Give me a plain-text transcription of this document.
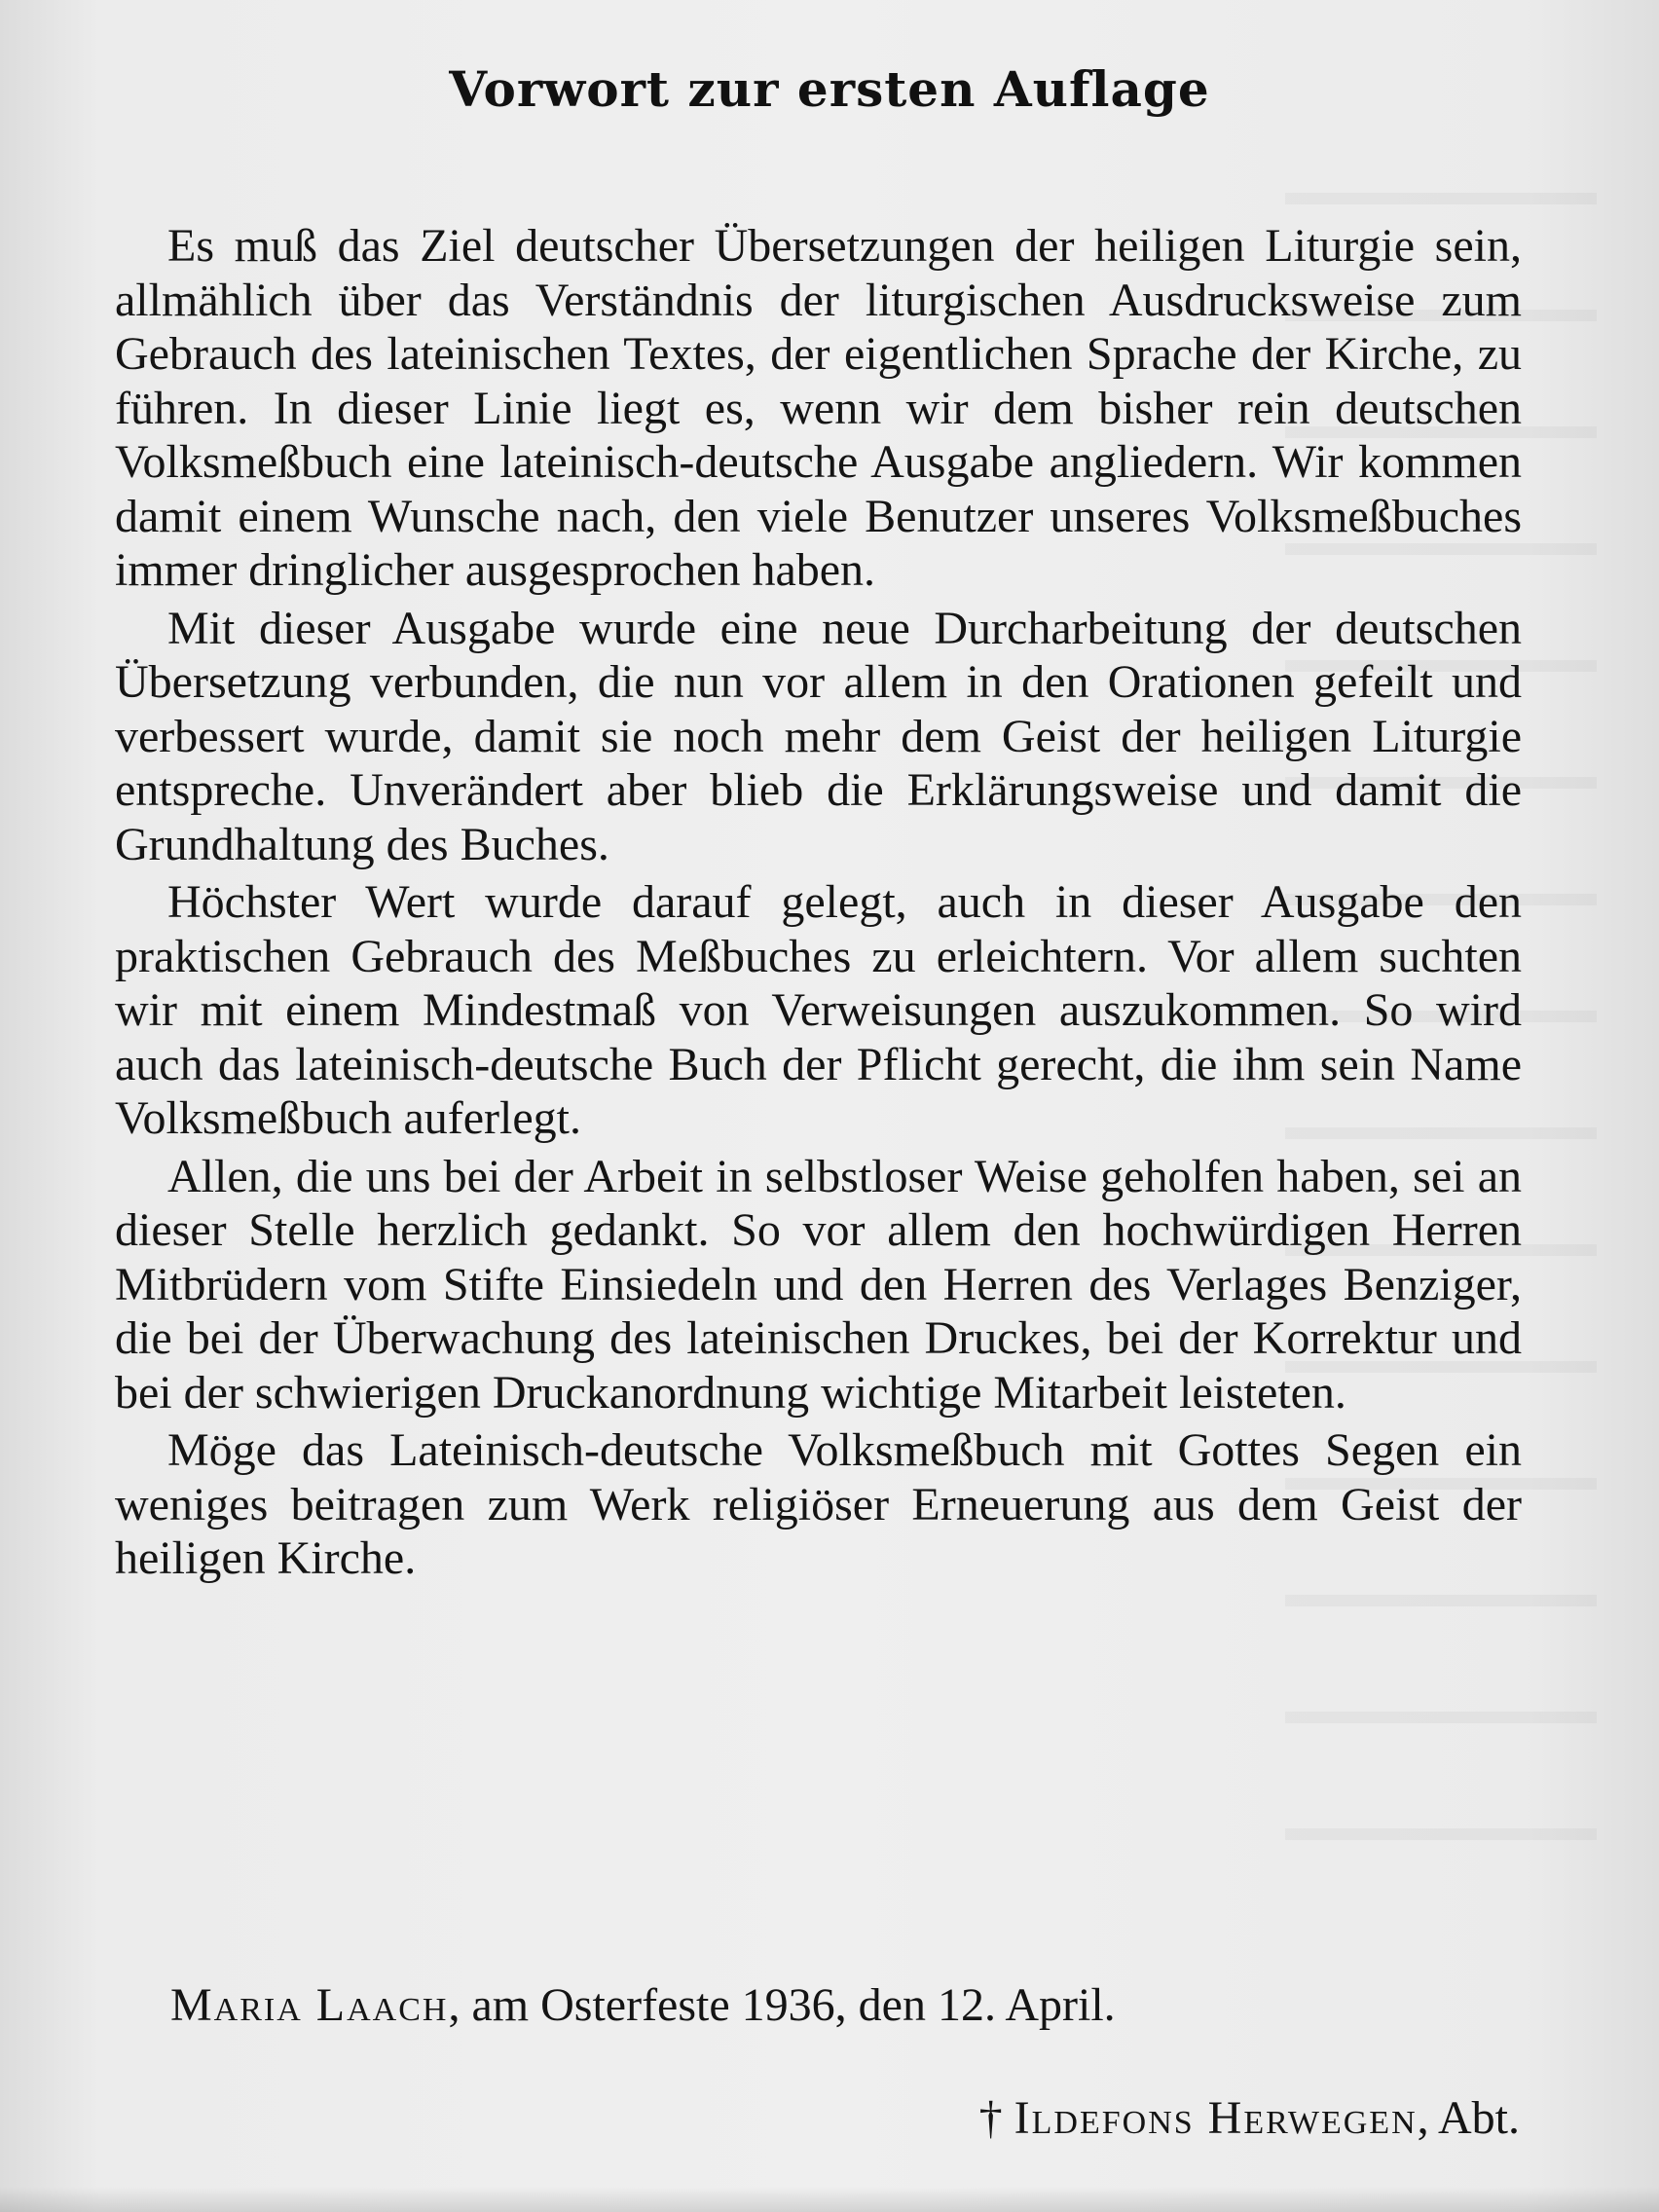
Vorwort zur ersten Auflage

Es muß das Ziel deutscher Übersetzungen der heiligen Liturgie sein, allmählich über das Verständnis der liturgischen Ausdrucksweise zum Gebrauch des lateinischen Textes, der eigentlichen Sprache der Kirche, zu führen. In dieser Linie liegt es, wenn wir dem bisher rein deutschen Volksmeßbuch eine lateinisch-deutsche Ausgabe angliedern. Wir kommen damit einem Wunsche nach, den viele Benutzer unseres Volksmeßbuches immer dringlicher ausgesprochen haben.

Mit dieser Ausgabe wurde eine neue Durcharbeitung der deutschen Übersetzung verbunden, die nun vor allem in den Orationen gefeilt und verbessert wurde, damit sie noch mehr dem Geist der heiligen Liturgie entspreche. Unverändert aber blieb die Erklärungsweise und damit die Grundhaltung des Buches.

Höchster Wert wurde darauf gelegt, auch in dieser Ausgabe den praktischen Gebrauch des Meßbuches zu erleichtern. Vor allem suchten wir mit einem Mindestmaß von Verweisungen auszukommen. So wird auch das lateinisch-deutsche Buch der Pflicht gerecht, die ihm sein Name Volksmeßbuch auferlegt.

Allen, die uns bei der Arbeit in selbstloser Weise geholfen haben, sei an dieser Stelle herzlich gedankt. So vor allem den hochwürdigen Herren Mitbrüdern vom Stifte Einsiedeln und den Herren des Verlages Benziger, die bei der Überwachung des lateinischen Druckes, bei der Korrektur und bei der schwierigen Druckanordnung wichtige Mitarbeit leisteten.

Möge das Lateinisch-deutsche Volksmeßbuch mit Gottes Segen ein weniges beitragen zum Werk religiöser Erneuerung aus dem Geist der heiligen Kirche.

Maria Laach, am Osterfeste 1936, den 12. April.
† Ildefons Herwegen, Abt.
